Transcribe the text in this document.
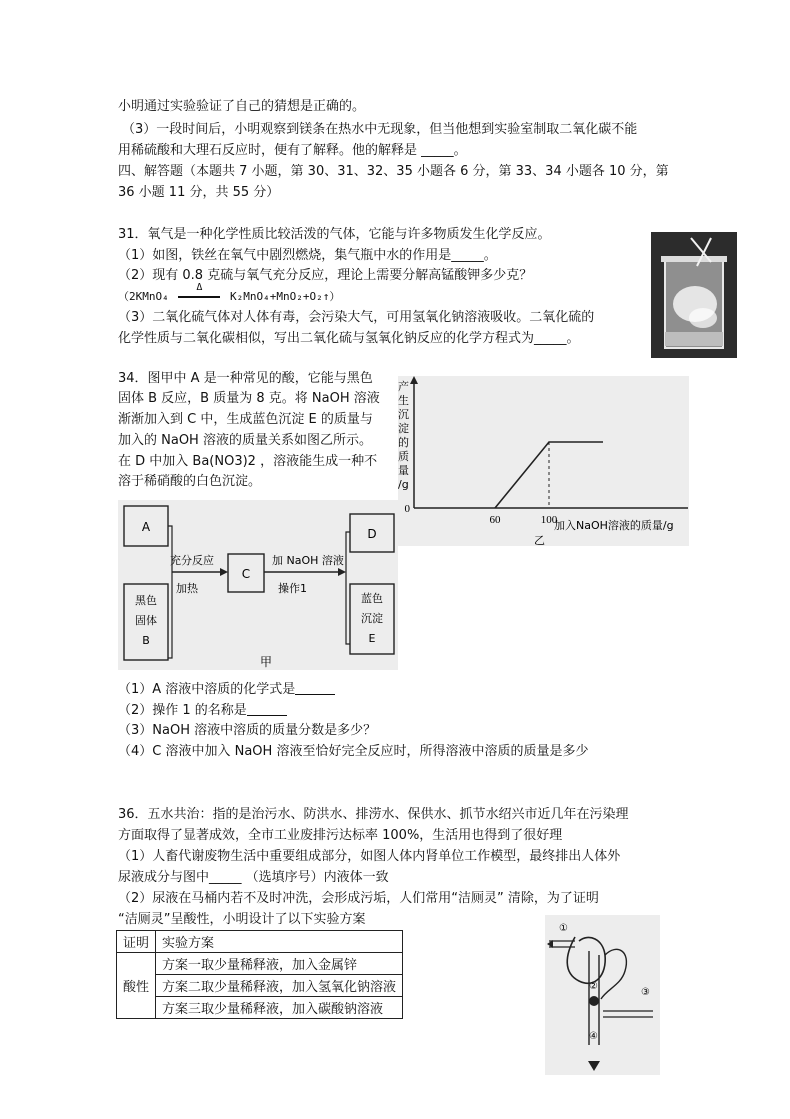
小明通过实验验证了自己的猜想是正确的。
（3）一段时间后，小明观察到镁条在热水中无现象，但当他想到实验室制取二氧化碳不能
用稀硫酸和大理石反应时，便有了解释。他的解释是 _____。
四、解答题（本题共 7 小题，第 30、31、32、35 小题各 6 分，第 33、34 小题各 10 分，第
36 小题 11 分，共 55 分）
31．氧气是一种化学性质比较活泼的气体，它能与许多物质发生化学反应。
（1）如图，铁丝在氧气中剧烈燃烧，集气瓶中水的作用是_____。
（2）现有 0.8 克硫与氧气充分反应，理论上需要分解高锰酸钾多少克？
（2KMnO₄
Δ
K₂MnO₄+MnO₂+O₂↑）
（3）二氧化硫气体对人体有毒，会污染大气，可用氢氧化钠溶液吸收。二氧化硫的
化学性质与二氧化碳相似，写出二氧化硫与氢氧化钠反应的化学方程式为_____。
34．图甲中 A 是一种常见的酸，它能与黑色
固体 B 反应，B 质量为 8 克。将 NaOH 溶液
渐渐加入到 C 中，生成蓝色沉淀 E 的质量与
加入的 NaOH 溶液的质量关系如图乙所示。
在 D 中加入 Ba(NO3)2 ，溶液能生成一种不
溶于稀硝酸的白色沉淀。
产
生
沉
淀
的
质
量
/g
0
60	100
加入NaOH溶液的质量/g
乙
A
黑色
固体
B
充分反应
加热
C
加 NaOH 溶液
操作1
D
蓝色
沉淀
E
甲
（1）A 溶液中溶质的化学式是
（2）操作 1 的名称是
（3）NaOH 溶液中溶质的质量分数是多少？
（4）C 溶液中加入 NaOH 溶液至恰好完全反应时，所得溶液中溶质的质量是多少
36．五水共治：指的是治污水、防洪水、排涝水、保供水、抓节水绍兴市近几年在污染理
方面取得了显著成效，全市工业废排污达标率 100%，生活用也得到了很好理
（1）人畜代谢废物生活中重要组成部分，如图人体内肾单位工作模型，最终排出人体外
尿液成分与图中_____ （选填序号）内液体一致
（2）尿液在马桶内若不及时冲洗，会形成污垢，人们常用“洁厕灵” 清除，为了证明
“洁厕灵”呈酸性，小明设计了以下实验方案
证明	实验方案
酸性	方案一取少量稀释液，加入金属锌
	方案二取少量稀释液，加入氢氧化钠溶液
	方案三取少量稀释液，加入碳酸钠溶液
①
②
③
④
